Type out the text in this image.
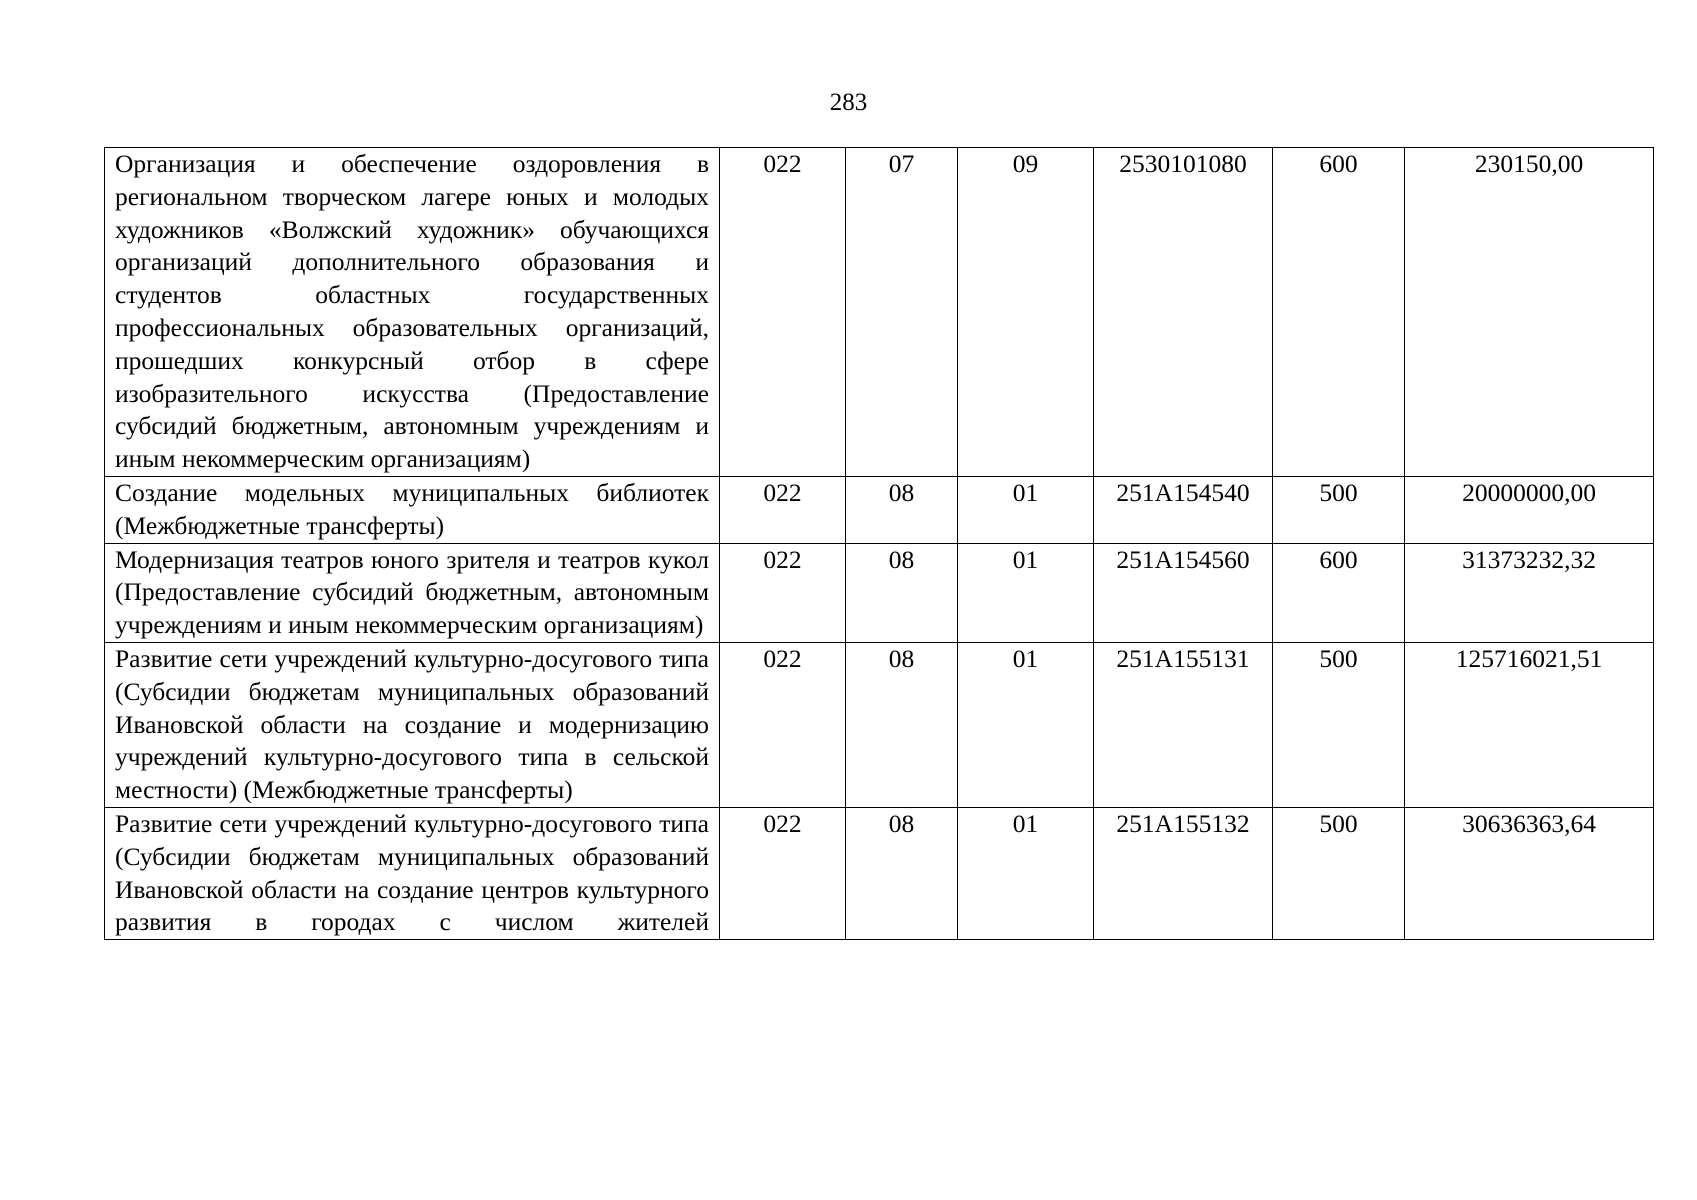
283
Организация и обеспечение оздоровления в региональном творческом лагере юных и молодых художников «Волжский художник» обучающихся организаций дополнительного образования и студентов областных государственных профессиональных образовательных организаций, прошедших конкурсный отбор в сфере изобразительного искусства (Предоставление субсидий бюджетным, автономным учреждениям и иным некоммерческим организациям)	022	07	09	2530101080	600	230150,00
Создание модельных муниципальных библиотек (Межбюджетные трансферты)	022	08	01	251A154540	500	20000000,00
Модернизация театров юного зрителя и театров кукол (Предоставление субсидий бюджетным, автономным учреждениям и иным некоммерческим организациям)	022	08	01	251A154560	600	31373232,32
Развитие сети учреждений культурно-досугового типа (Субсидии бюджетам муниципальных образований Ивановской области на создание и модернизацию учреждений культурно-досугового типа в сельской местности) (Межбюджетные трансферты)	022	08	01	251A155131	500	125716021,51

Развитие сети учреждений культурно-досугового типа (Субсидии бюджетам муниципальных образований Ивановской области на создание центров культурного развития в городах с числом жителей	022	08	01	251A155132	500	30636363,64
